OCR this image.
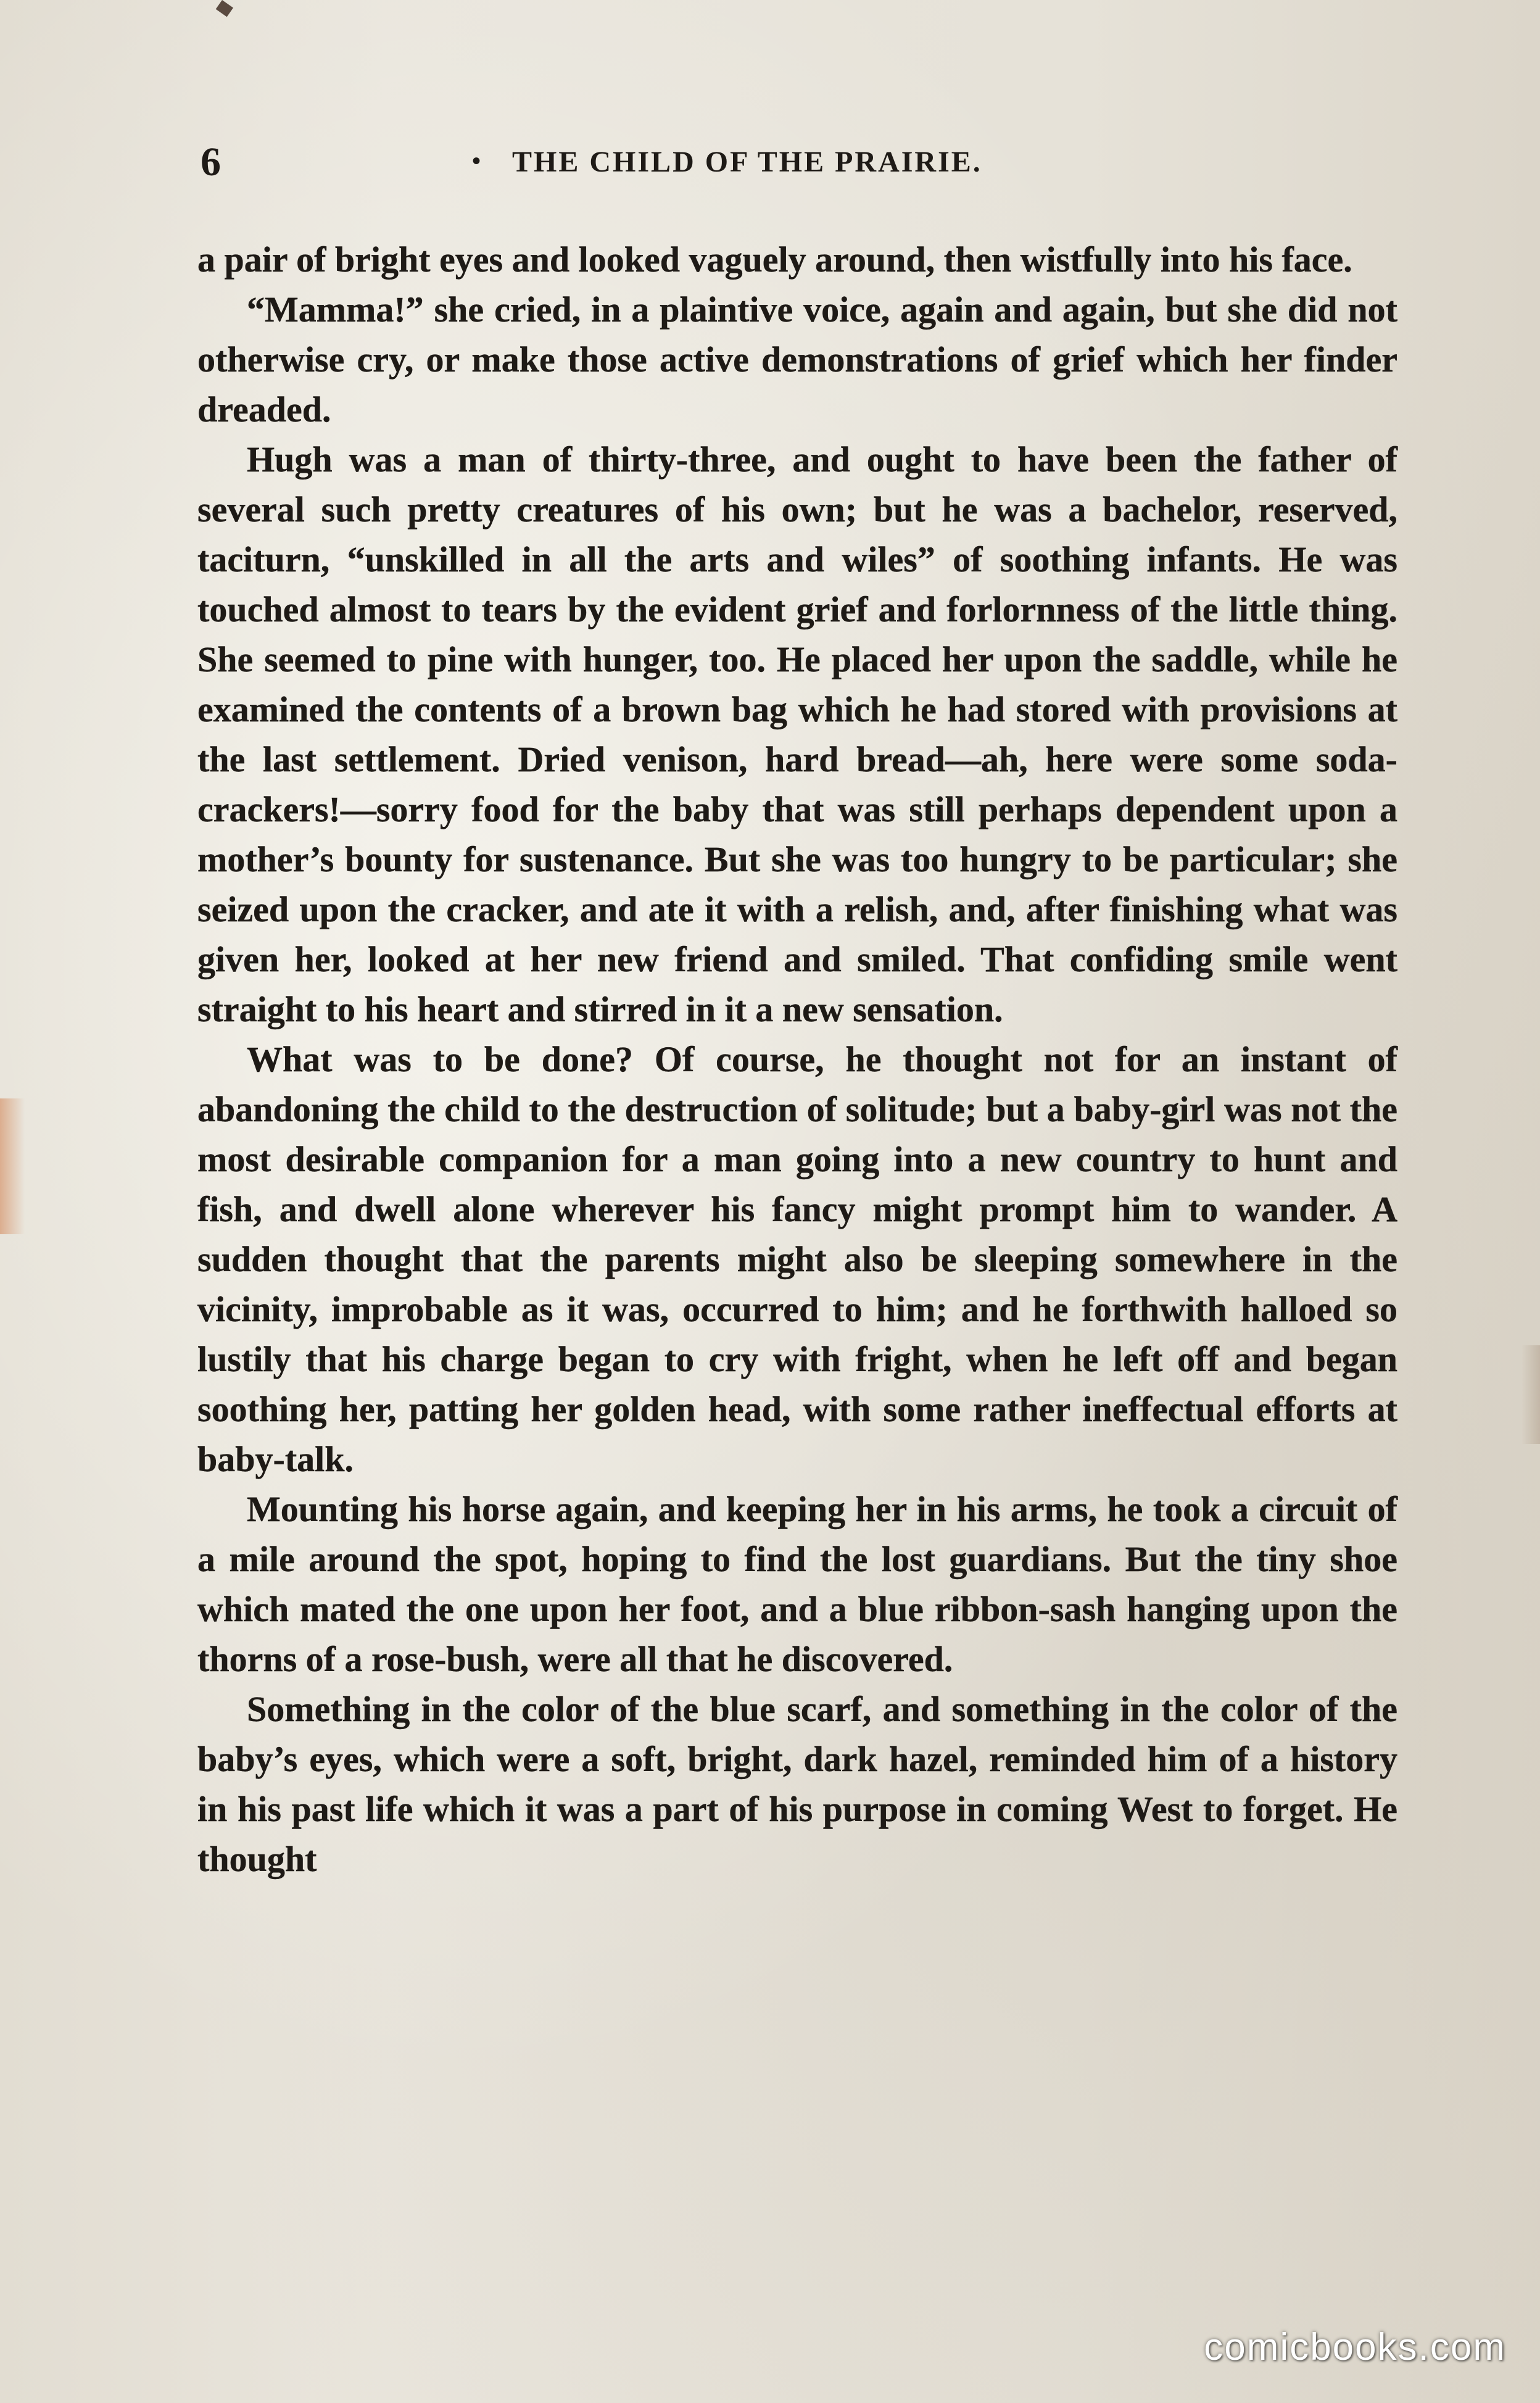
6	• THE CHILD OF THE PRAIRIE.

a pair of bright eyes and looked vaguely around, then wistfully into his face.

“Mamma!” she cried, in a plaintive voice, again and again, but she did not otherwise cry, or make those active demonstrations of grief which her finder dreaded.

Hugh was a man of thirty-three, and ought to have been the father of several such pretty creatures of his own; but he was a bachelor, reserved, taciturn, “unskilled in all the arts and wiles” of soothing infants. He was touched almost to tears by the evident grief and forlornness of the little thing. She seemed to pine with hunger, too. He placed her upon the saddle, while he examined the contents of a brown bag which he had stored with provisions at the last settlement. Dried venison, hard bread—ah, here were some soda-crackers!—sorry food for the baby that was still perhaps dependent upon a mother’s bounty for sustenance. But she was too hungry to be particular; she seized upon the cracker, and ate it with a relish, and, after finishing what was given her, looked at her new friend and smiled. That confiding smile went straight to his heart and stirred in it a new sensation.

What was to be done? Of course, he thought not for an instant of abandoning the child to the destruction of solitude; but a baby-girl was not the most desirable companion for a man going into a new country to hunt and fish, and dwell alone wherever his fancy might prompt him to wander. A sudden thought that the parents might also be sleeping somewhere in the vicinity, improbable as it was, occurred to him; and he forthwith halloed so lustily that his charge began to cry with fright, when he left off and began soothing her, patting her golden head, with some rather ineffectual efforts at baby-talk.

Mounting his horse again, and keeping her in his arms, he took a circuit of a mile around the spot, hoping to find the lost guardians. But the tiny shoe which mated the one upon her foot, and a blue ribbon-sash hanging upon the thorns of a rose-bush, were all that he discovered.

Something in the color of the blue scarf, and something in the color of the baby’s eyes, which were a soft, bright, dark hazel, reminded him of a history in his past life which it was a part of his purpose in coming West to forget. He thought

comicbooks.com
